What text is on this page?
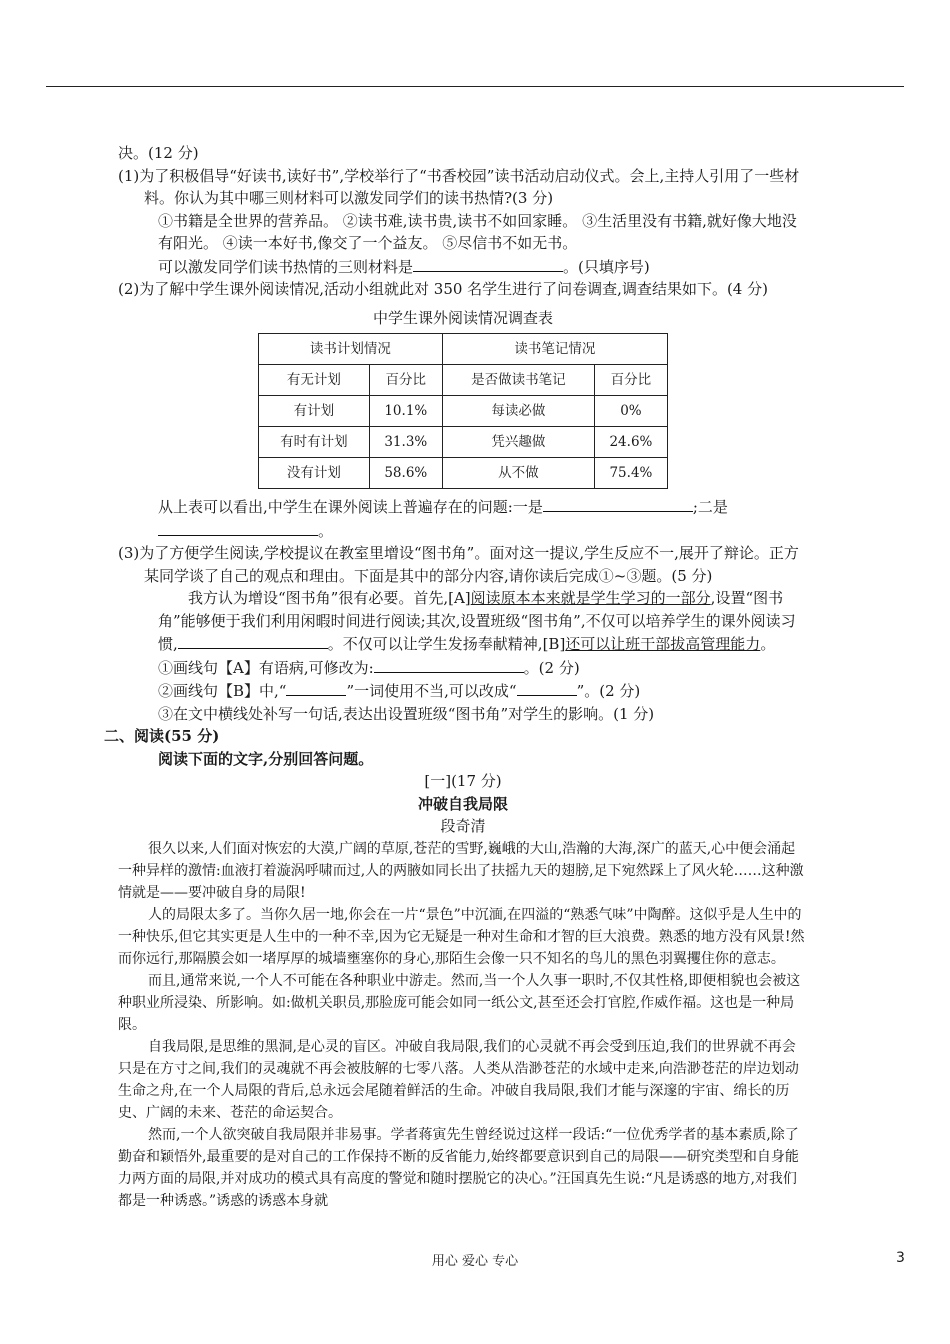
决。(12 分)
(1)为了积极倡导“好读书,读好书”,学校举行了“书香校园”读书活动启动仪式。会上,主持人引用了一些材料。你认为其中哪三则材料可以激发同学们的读书热情?(3 分)
①书籍是全世界的营养品。 ②读书难,读书贵,读书不如回家睡。 ③生活里没有书籍,就好像大地没有阳光。 ④读一本好书,像交了一个益友。 ⑤尽信书不如无书。
可以激发同学们读书热情的三则材料是	。(只填序号)
(2)为了解中学生课外阅读情况,活动小组就此对 350 名学生进行了问卷调查,调查结果如下。(4 分)
中学生课外阅读情况调查表
读书计划情况		读书笔记情况	
有无计划	百分比	是否做读书笔记	百分比
有计划	10.1%	每读必做	0%
有时有计划	31.3%	凭兴趣做	24.6%
没有计划	58.6%	从不做	75.4%
从上表可以看出,中学生在课外阅读上普遍存在的问题:一是	;二是
。
(3)为了方便学生阅读,学校提议在教室里增设“图书角”。面对这一提议,学生反应不一,展开了辩论。正方某同学谈了自己的观点和理由。下面是其中的部分内容,请你读后完成①~③题。(5 分)
我方认为增设“图书角”很有必要。首先,[A]阅读原本本来就是学生学习的一部分,设置“图书角”能够便于我们利用闲暇时间进行阅读;其次,设置班级“图书角”,不仅可以培养学生的课外阅读习惯,	。不仅可以让学生发扬奉献精神,[B]还可以让班干部拔高管理能力。
①画线句【A】有语病,可修改为:	。(2 分)
②画线句【B】中,“	”一词使用不当,可以改成“	”。(2 分)
③在文中横线处补写一句话,表达出设置班级“图书角”对学生的影响。(1 分)
二、阅读(55 分)
阅读下面的文字,分别回答问题。
[一](17 分)
冲破自我局限
段奇清
很久以来,人们面对恢宏的大漠,广阔的草原,苍茫的雪野,巍峨的大山,浩瀚的大海,深广的蓝天,心中便会涌起一种异样的激情:血液打着漩涡呼啸而过,人的两腋如同长出了扶摇九天的翅膀,足下宛然踩上了风火轮……这种激情就是——要冲破自身的局限!
人的局限太多了。当你久居一地,你会在一片“景色”中沉湎,在四溢的“熟悉气味”中陶醉。这似乎是人生中的一种快乐,但它其实更是人生中的一种不幸,因为它无疑是一种对生命和才智的巨大浪费。熟悉的地方没有风景!然而你远行,那隔膜会如一堵厚厚的城墙壅塞你的身心,那陌生会像一只不知名的鸟儿的黑色羽翼攫住你的意志。
而且,通常来说,一个人不可能在各种职业中游走。然而,当一个人久事一职时,不仅其性格,即便相貌也会被这种职业所浸染、所影响。如:做机关职员,那脸庞可能会如同一纸公文,甚至还会打官腔,作威作福。这也是一种局限。
自我局限,是思维的黑洞,是心灵的盲区。冲破自我局限,我们的心灵就不再会受到压迫,我们的世界就不再会只是在方寸之间,我们的灵魂就不再会被肢解的七零八落。人类从浩渺苍茫的水域中走来,向浩渺苍茫的岸边划动生命之舟,在一个人局限的背后,总永远会尾随着鲜活的生命。冲破自我局限,我们才能与深邃的宇宙、绵长的历史、广阔的未来、苍茫的命运契合。
然而,一个人欲突破自我局限并非易事。学者蒋寅先生曾经说过这样一段话:“一位优秀学者的基本素质,除了勤奋和颖悟外,最重要的是对自己的工作保持不断的反省能力,始终都要意识到自己的局限——研究类型和自身能力两方面的局限,并对成功的模式具有高度的警觉和随时摆脱它的决心。”汪国真先生说:“凡是诱惑的地方,对我们都是一种诱惑。”诱惑的诱惑本身就
用心 爱心 专心	3
